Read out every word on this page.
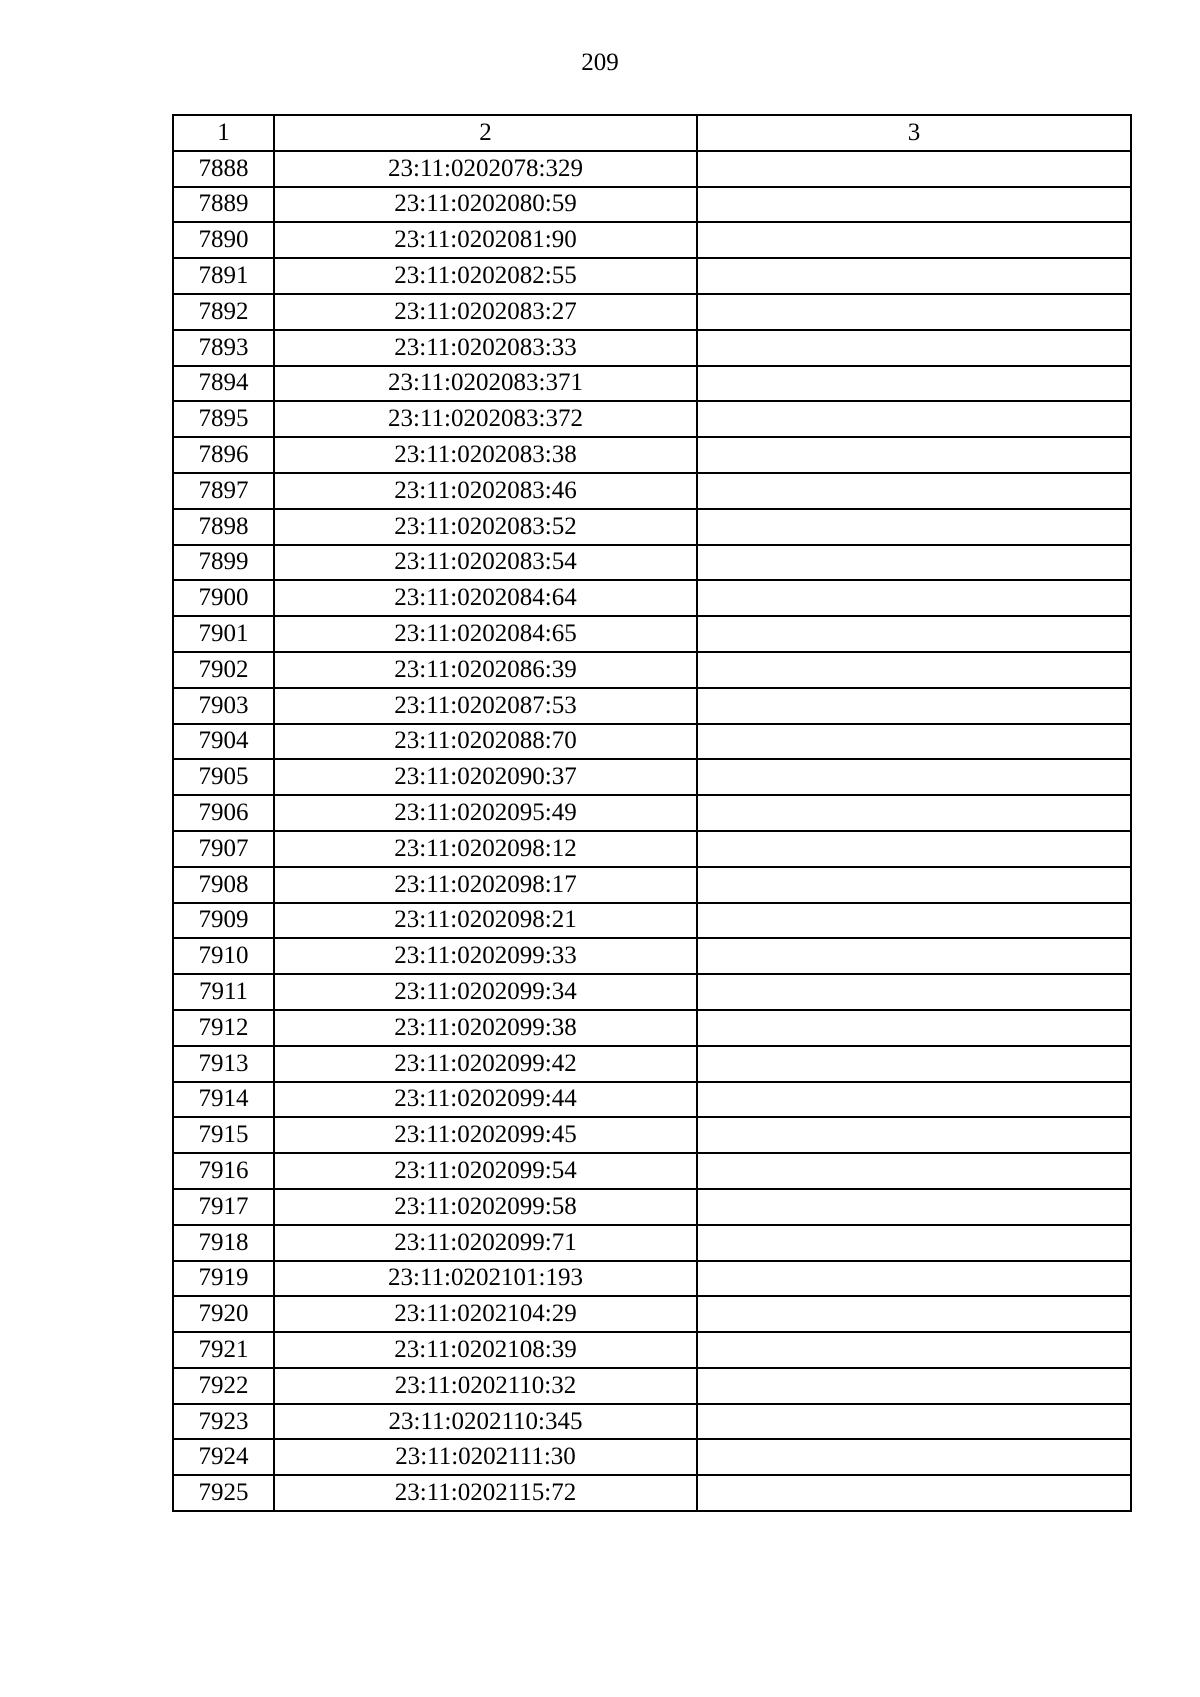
209
1	2	3
7888	23:11:0202078:329	
7889	23:11:0202080:59	
7890	23:11:0202081:90	
7891	23:11:0202082:55	
7892	23:11:0202083:27	
7893	23:11:0202083:33	
7894	23:11:0202083:371	
7895	23:11:0202083:372	
7896	23:11:0202083:38	
7897	23:11:0202083:46	
7898	23:11:0202083:52	
7899	23:11:0202083:54	
7900	23:11:0202084:64	
7901	23:11:0202084:65	
7902	23:11:0202086:39	
7903	23:11:0202087:53	
7904	23:11:0202088:70	
7905	23:11:0202090:37	
7906	23:11:0202095:49	
7907	23:11:0202098:12	
7908	23:11:0202098:17	
7909	23:11:0202098:21	
7910	23:11:0202099:33	
7911	23:11:0202099:34	
7912	23:11:0202099:38	
7913	23:11:0202099:42	
7914	23:11:0202099:44	
7915	23:11:0202099:45	
7916	23:11:0202099:54	
7917	23:11:0202099:58	
7918	23:11:0202099:71	
7919	23:11:0202101:193	
7920	23:11:0202104:29	
7921	23:11:0202108:39	
7922	23:11:0202110:32	
7923	23:11:0202110:345	
7924	23:11:0202111:30	
7925	23:11:0202115:72	
